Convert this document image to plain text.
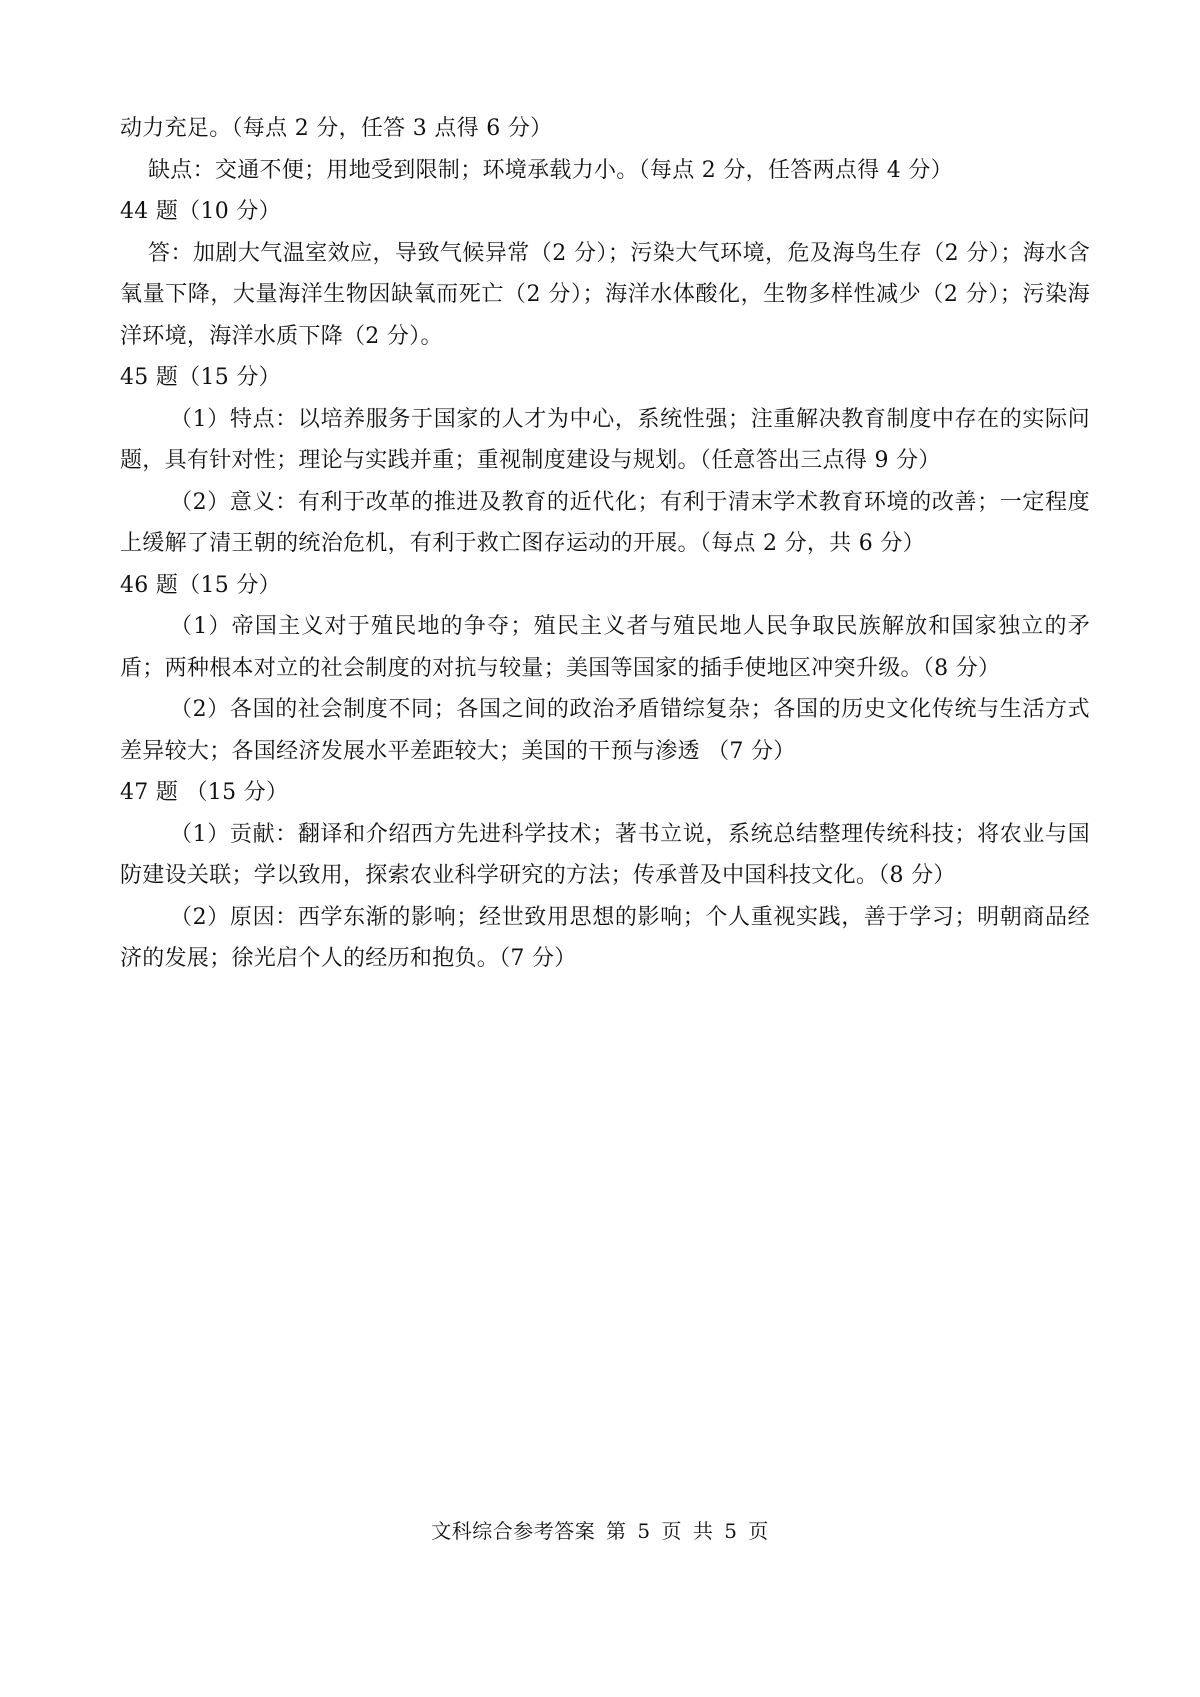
动力充足。（每点 2 分，任答 3 点得 6 分）

缺点：交通不便；用地受到限制；环境承载力小。（每点 2 分，任答两点得 4 分）

44 题（10 分）

答：加剧大气温室效应，导致气候异常（2 分）；污染大气环境，危及海鸟生存（2 分）；海水含氧量下降，大量海洋生物因缺氧而死亡（2 分）；海洋水体酸化，生物多样性减少（2 分）；污染海洋环境，海洋水质下降（2 分）。

45 题（15 分）

（1）特点：以培养服务于国家的人才为中心，系统性强；注重解决教育制度中存在的实际问题，具有针对性；理论与实践并重；重视制度建设与规划。（任意答出三点得 9 分）

（2）意义：有利于改革的推进及教育的近代化；有利于清末学术教育环境的改善；一定程度上缓解了清王朝的统治危机，有利于救亡图存运动的开展。（每点 2 分，共 6 分）

46 题（15 分）

（1）帝国主义对于殖民地的争夺；殖民主义者与殖民地人民争取民族解放和国家独立的矛盾；两种根本对立的社会制度的对抗与较量；美国等国家的插手使地区冲突升级。（8 分）

（2）各国的社会制度不同；各国之间的政治矛盾错综复杂；各国的历史文化传统与生活方式差异较大；各国经济发展水平差距较大；美国的干预与渗透 （7 分）

47 题 （15 分）

（1）贡献：翻译和介绍西方先进科学技术；著书立说，系统总结整理传统科技；将农业与国防建设关联；学以致用，探索农业科学研究的方法；传承普及中国科技文化。（8 分）

（2）原因：西学东渐的影响；经世致用思想的影响；个人重视实践，善于学习；明朝商品经济的发展；徐光启个人的经历和抱负。（7 分）

文科综合参考答案 第 5 页 共 5 页
